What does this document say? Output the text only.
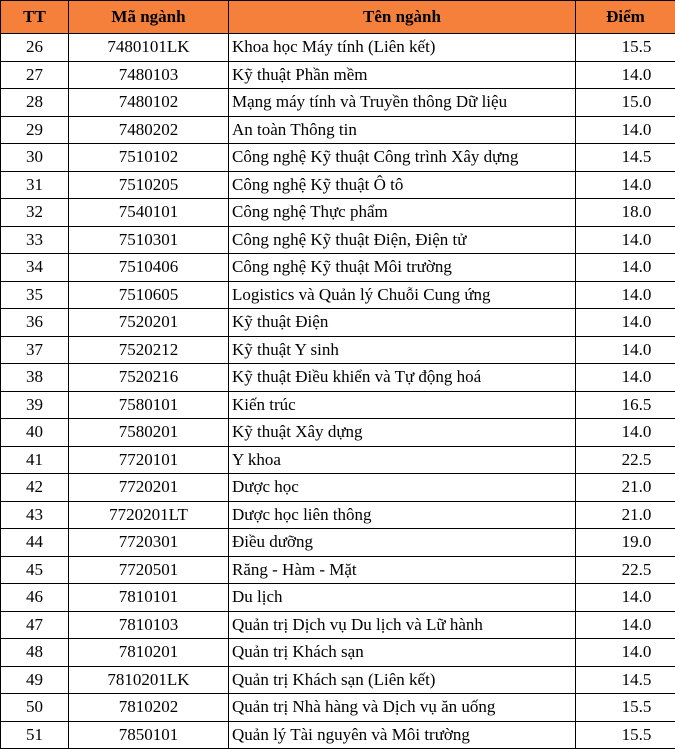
TT	Mã ngành	Tên ngành	Điểm
26	7480101LK	Khoa học Máy tính (Liên kết)	15.5
27	7480103	Kỹ thuật Phần mềm	14.0
28	7480102	Mạng máy tính và Truyền thông Dữ liệu	15.0
29	7480202	An toàn Thông tin	14.0
30	7510102	Công nghệ Kỹ thuật Công trình Xây dựng	14.5
31	7510205	Công nghệ Kỹ thuật Ô tô	14.0
32	7540101	Công nghệ Thực phẩm	18.0
33	7510301	Công nghệ Kỹ thuật Điện, Điện tử	14.0
34	7510406	Công nghệ Kỹ thuật Môi trường	14.0
35	7510605	Logistics và Quản lý Chuỗi Cung ứng	14.0
36	7520201	Kỹ thuật Điện	14.0
37	7520212	Kỹ thuật Y sinh	14.0
38	7520216	Kỹ thuật Điều khiển và Tự động hoá	14.0
39	7580101	Kiến trúc	16.5
40	7580201	Kỹ thuật Xây dựng	14.0
41	7720101	Y khoa	22.5
42	7720201	Dược học	21.0
43	7720201LT	Dược học liên thông	21.0
44	7720301	Điều dưỡng	19.0
45	7720501	Răng - Hàm - Mặt	22.5
46	7810101	Du lịch	14.0
47	7810103	Quản trị Dịch vụ Du lịch và Lữ hành	14.0
48	7810201	Quản trị Khách sạn	14.0
49	7810201LK	Quản trị Khách sạn (Liên kết)	14.5
50	7810202	Quản trị Nhà hàng và Dịch vụ ăn uống	15.5
51	7850101	Quản lý Tài nguyên và Môi trường	15.5
